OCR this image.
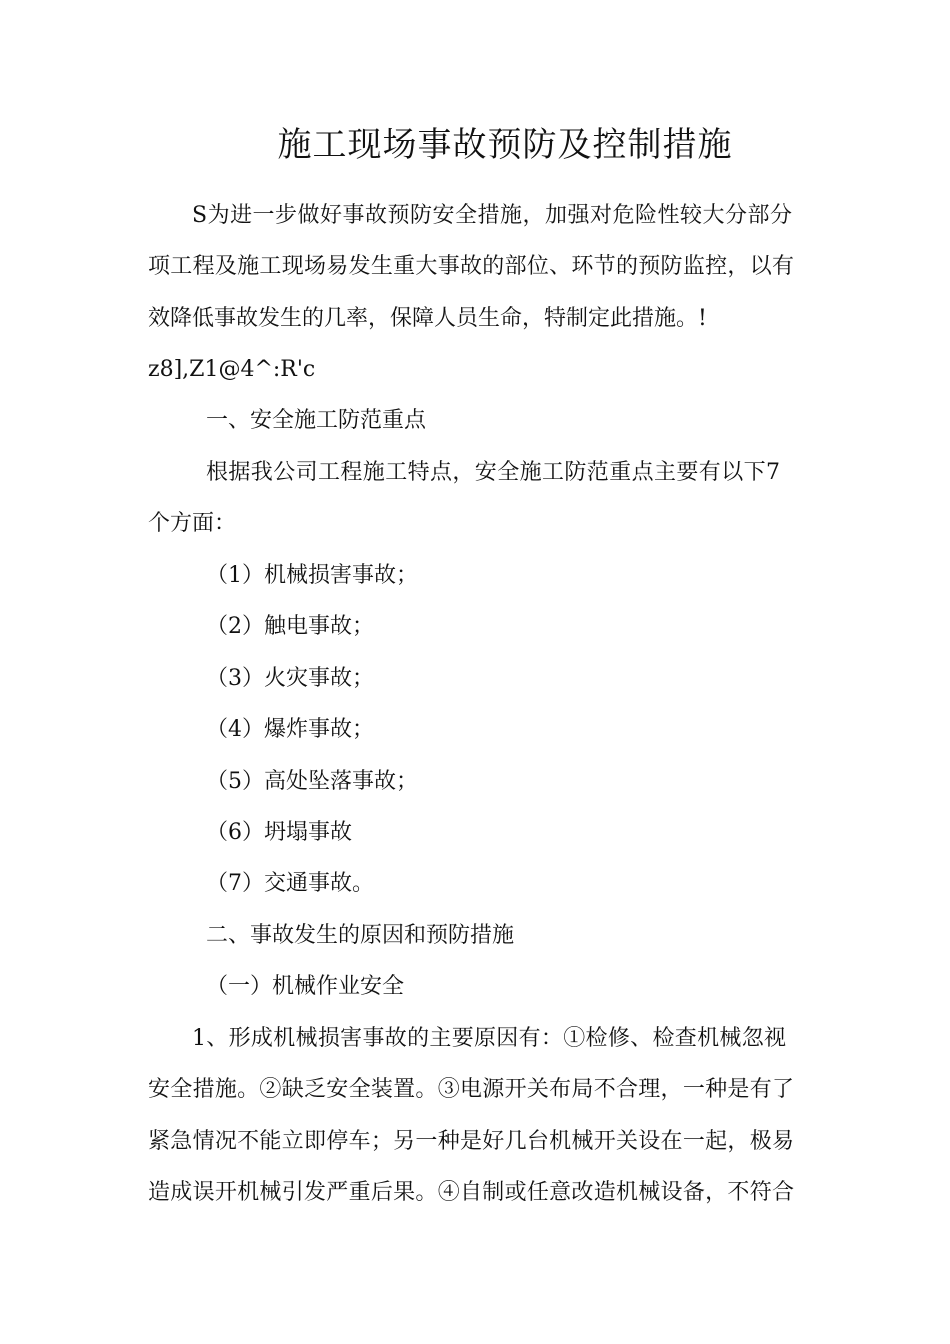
施工现场事故预防及控制措施
S为进一步做好事故预防安全措施，加强对危险性较大分部分
项工程及施工现场易发生重大事故的部位、环节的预防监控，以有
效降低事故发生的几率，保障人员生命，特制定此措施。!
z8],Z1@4^:R'c
一、安全施工防范重点
根据我公司工程施工特点，安全施工防范重点主要有以下7
个方面：
（1）机械损害事故；
（2）触电事故；
（3）火灾事故；
（4）爆炸事故；
（5）高处坠落事故；
（6）坍塌事故
（7）交通事故。
二、事故发生的原因和预防措施
（一）机械作业安全
1、形成机械损害事故的主要原因有：①检修、检查机械忽视
安全措施。②缺乏安全装置。③电源开关布局不合理，一种是有了
紧急情况不能立即停车；另一种是好几台机械开关设在一起，极易
造成误开机械引发严重后果。④自制或任意改造机械设备，不符合
